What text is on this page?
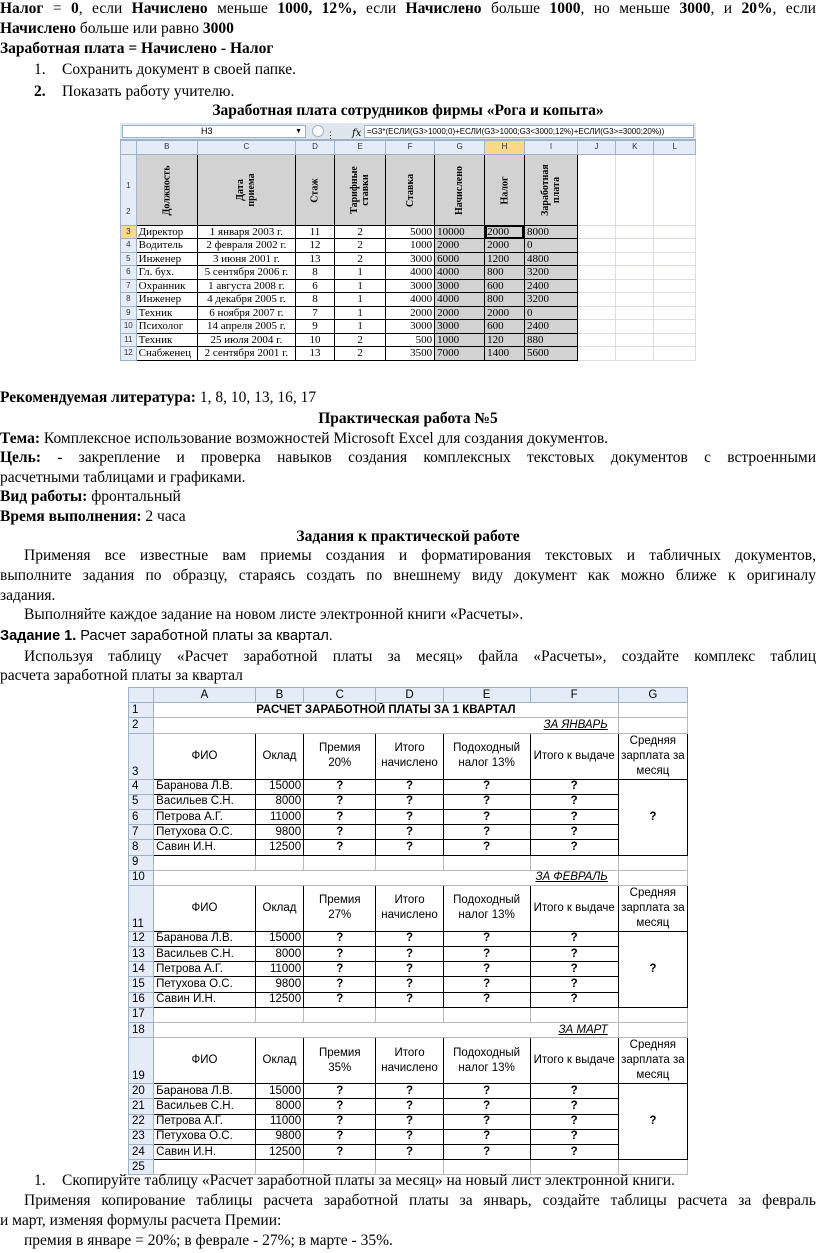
Налог = 0, если Начислено меньше 1000, 12%, если Начислено больше 1000, но меньше 3000, и 20%, если
Начислено больше или равно 3000
Заработная плата = Начислено - Налог
1. Сохранить документ в своей папке.
2. Показать работу учителю.
Заработная плата сотрудников фирмы «Рога и копыта»
H3	▼	⋮ fx =G3*(ЕСЛИ(G3>1000;0)+ЕСЛИ(G3>1000;G3<3000;12%)+ЕСЛИ(G3>=3000;20%))
	B	C	D	E	F	G	H	I	J	K	L
1
2	Должность	Дата приема	Стаж	Тарифные ставки	Ставка	Начислено	Налог	Заработная плата			
3	Директор	1 января 2003 г.	11	2	5000	10000	2000	8000			
4	Водитель	2 февраля 2002 г.	12	2	1000	2000	2000	0			
5	Инженер	3 июня 2001 г.	13	2	3000	6000	1200	4800			
6	Гл. бух.	5 сентября 2006 г.	8	1	4000	4000	800	3200			
7	Охранник	1 августа 2008 г.	6	1	3000	3000	600	2400			
8	Инженер	4 декабря 2005 г.	8	1	4000	4000	800	3200			
9	Техник	6 ноября 2007 г.	7	1	2000	2000	2000	0			
10	Психолог	14 апреля 2005 г.	9	1	3000	3000	600	2400			
11	Техник	25 июля 2004 г.	10	2	500	1000	120	880			
12	Снабженец	2 сентября 2001 г.	13	2	3500	7000	1400	5600			
Рекомендуемая литература: 1, 8, 10, 13, 16, 17
Практическая работа №5
Тема: Комплексное использование возможностей Microsoft Excel для создания документов.
Цель: - закрепление и проверка навыков создания комплексных текстовых документов с встроенными
расчетными таблицами и графиками.
Вид работы: фронтальный
Время выполнения: 2 часа
Задания к практической работе
Применяя все известные вам приемы создания и форматирования текстовых и табличных документов,
выполните задания по образцу, стараясь создать по внешнему виду документ как можно ближе к оригиналу
задания.
Выполняйте каждое задание на новом листе электронной книги «Расчеты».
Задание 1. Расчет заработной платы за квартал.
Используя таблицу «Расчет заработной платы за месяц» файла «Расчеты», создайте комплекс таблиц
расчета заработной платы за квартал
	A	B	C	D	E	F	G
1	РАСЧЕТ ЗАРАБОТНОЙ ПЛАТЫ ЗА 1 КВАРТАЛ						
2	ЗА ЯНВАРЬ						
3	ФИО	Оклад	Премия 20%	Итого начислено	Подоходный налог 13%	Итого к выдаче	Средняя зарплата за месяц
4	Баранова Л.В.	15000	?	?	?	?	?
5	Васильев С.Н.	8000	?	?	?	?	
6	Петрова А.Г.	11000	?	?	?	?	
7	Петухова О.С.	9800	?	?	?	?	
8	Савин И.Н.	12500	?	?	?	?	
9							
10	ЗА ФЕВРАЛЬ						
11	ФИО	Оклад	Премия 27%	Итого начислено	Подоходный налог 13%	Итого к выдаче	Средняя зарплата за месяц
12	Баранова Л.В.	15000	?	?	?	?	?
13	Васильев С.Н.	8000	?	?	?	?	
14	Петрова А.Г.	11000	?	?	?	?	
15	Петухова О.С.	9800	?	?	?	?	
16	Савин И.Н.	12500	?	?	?	?	
17							
18	ЗА МАРТ						
19	ФИО	Оклад	Премия 35%	Итого начислено	Подоходный налог 13%	Итого к выдаче	Средняя зарплата за месяц
20	Баранова Л.В.	15000	?	?	?	?	?
21	Васильев С.Н.	8000	?	?	?	?	
22	Петрова А.Г.	11000	?	?	?	?	
23	Петухова О.С.	9800	?	?	?	?	
24	Савин И.Н.	12500	?	?	?	?	
25							
1. Скопируйте таблицу «Расчет заработной платы за месяц» на новый лист электронной книги.
Применяя копирование таблицы расчета заработной платы за январь, создайте таблицы расчета за февраль
и март, изменяя формулы расчета Премии:
премия в январе = 20%; в феврале - 27%; в марте - 35%.
